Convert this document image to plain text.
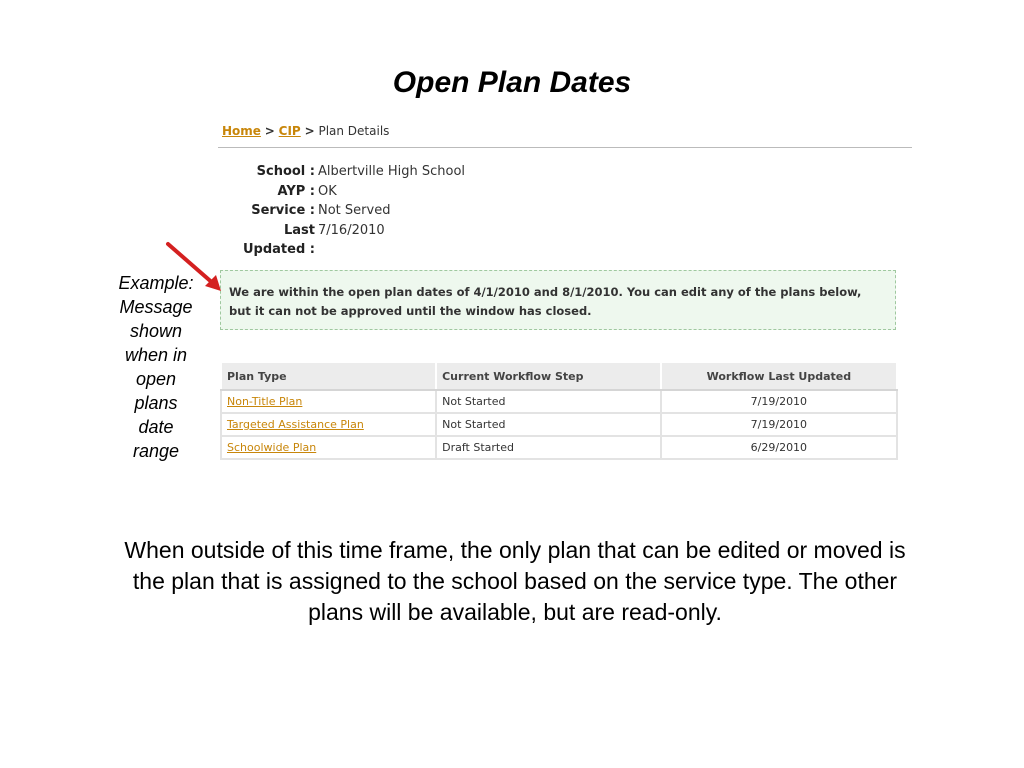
Open Plan Dates
Home > CIP > Plan Details
School : Albertville High School
AYP : OK
Service : Not Served
Last Updated :
7/16/2010
We are within the open plan dates of 4/1/2010 and 8/1/2010. You can edit any of the plans below, but it can not be approved until the window has closed.
Plan Type	Current Workflow Step	Workflow Last Updated
Non-Title Plan	Not Started	7/19/2010
Targeted Assistance Plan	Not Started	7/19/2010
Schoolwide Plan	Draft Started	6/29/2010
Example:
Message
shown
when in
open
plans
date
range
When outside of this time frame, the only plan that can be edited or moved is the plan that is assigned to the school based on the service type. The other plans will be available, but are read-only.
